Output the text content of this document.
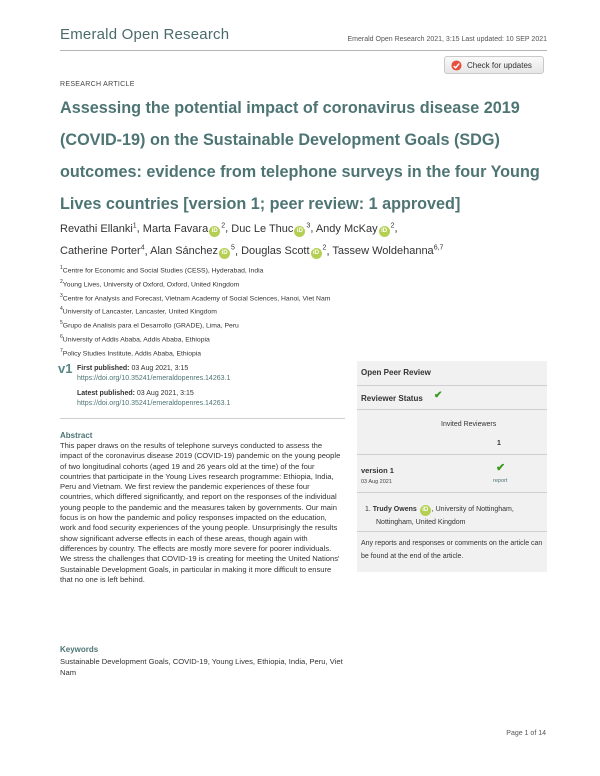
Emerald Open Research	Emerald Open Research 2021, 3:15 Last updated: 10 SEP 2021
RESEARCH ARTICLE
Check for updates
Assessing the potential impact of coronavirus disease 2019 (COVID-19) on the Sustainable Development Goals (SDG) outcomes: evidence from telephone surveys in the four Young Lives countries [version 1; peer review: 1 approved]
Revathi Ellanki$^1$, Marta Favara $iD^2$, Duc Le Thuc $iD^3$, Andy McKay $iD^2$,
Catherine Porter$^4$, Alan Sánchez $iD^5$, Douglas Scott $iD^2$, Tassew Woldehanna$^{6,7}$
$^1$Centre for Economic and Social Studies (CESS), Hyderabad, India
$^2$Young Lives, University of Oxford, Oxford, United Kingdom
$^3$Centre for Analysis and Forecast, Vietnam Academy of Social Sciences, Hanoi, Viet Nam
$^4$University of Lancaster, Lancaster, United Kingdom
$^5$Grupo de Analisis para el Desarrollo (GRADE), Lima, Peru
$^6$University of Addis Ababa, Addis Ababa, Ethiopia
$^7$Policy Studies Institute, Addis Ababa, Ethiopia
v1 First published: 03 Aug 2021, 3:15
https://doi.org/10.35241/emeraldopenres.14263.1
Latest published: 03 Aug 2021, 3:15
https://doi.org/10.35241/emeraldopenres.14263.1
Abstract

This paper draws on the results of telephone surveys conducted to assess the impact of the coronavirus disease 2019 (COVID-19) pandemic on the young people of two longitudinal cohorts (aged 19 and 26 years old at the time) of the four countries that participate in the Young Lives research programme: Ethiopia, India, Peru and Vietnam. We first review the pandemic experiences of these four countries, which differed significantly, and report on the responses of the individual young people to the pandemic and the measures taken by governments. Our main focus is on how the pandemic and policy responses impacted on the education, work and food security experiences of the young people. Unsurprisingly the results show significant adverse effects in each of these areas, though again with differences by country. The effects are mostly more severe for poorer individuals. We stress the challenges that COVID-19 is creating for meeting the United Nations' Sustainable Development Goals, in particular in making it more difficult to ensure that no one is left behind.

Keywords

Sustainable Development Goals, COVID-19, Young Lives, Ethiopia, India, Peru, Viet Nam

Open Peer Review
Reviewer Status ✔
Invited Reviewers
1
version 1
03 Aug 2021
✔
report
1. Trudy Owens iD , University of Nottingham,
Nottingham, United Kingdom
Any reports and responses or comments on the article can be found at the end of the article.
Page 1 of 14
